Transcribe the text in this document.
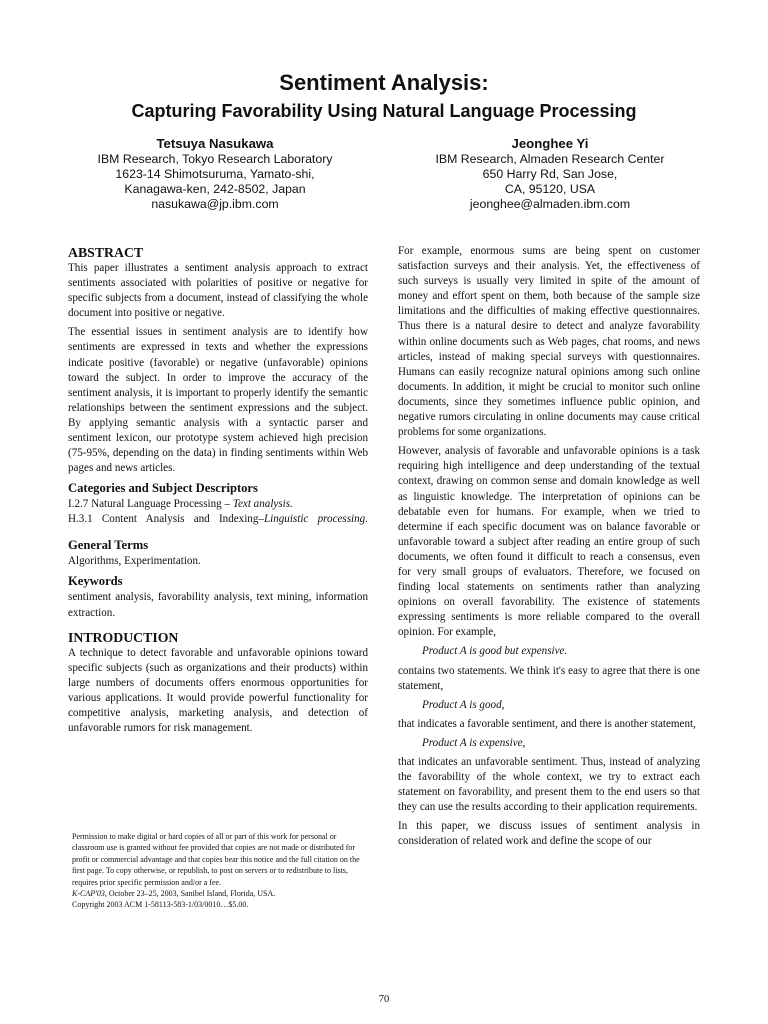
Sentiment Analysis:
Capturing Favorability Using Natural Language Processing
Tetsuya Nasukawa
IBM Research, Tokyo Research Laboratory
1623-14 Shimotsuruma, Yamato-shi,
Kanagawa-ken, 242-8502, Japan
nasukawa@jp.ibm.com
Jeonghee Yi
IBM Research, Almaden Research Center
650 Harry Rd, San Jose,
CA, 95120, USA
jeonghee@almaden.ibm.com
ABSTRACT

This paper illustrates a sentiment analysis approach to extract sentiments associated with polarities of positive or negative for specific subjects from a document, instead of classifying the whole document into positive or negative.

The essential issues in sentiment analysis are to identify how sentiments are expressed in texts and whether the expressions indicate positive (favorable) or negative (unfavorable) opinions toward the subject. In order to improve the accuracy of the sentiment analysis, it is important to properly identify the semantic relationships between the sentiment expressions and the subject. By applying semantic analysis with a syntactic parser and sentiment lexicon, our prototype system achieved high precision (75-95%, depending on the data) in finding sentiments within Web pages and news articles.

Categories and Subject Descriptors
I.2.7 Natural Language Processing – Text analysis.
H.3.1 Content Analysis and Indexing–Linguistic processing.
General Terms

Algorithms, Experimentation.

Keywords

sentiment analysis, favorability analysis, text mining, information extraction.

INTRODUCTION

A technique to detect favorable and unfavorable opinions toward specific subjects (such as organizations and their products) within large numbers of documents offers enormous opportunities for various applications. It would provide powerful functionality for competitive analysis, marketing analysis, and detection of unfavorable rumors for risk management.

Permission to make digital or hard copies of all or part of this work for personal or classroom use is granted without fee provided that copies are not made or distributed for profit or commercial advantage and that copies bear this notice and the full citation on the first page. To copy otherwise, or republish, to post on servers or to redistribute to lists, requires prior specific permission and/or a fee.

K-CAP'03, October 23–25, 2003, Sanibel Island, Florida, USA.

Copyright 2003 ACM 1-58113-583-1/03/0010…$5.00.

For example, enormous sums are being spent on customer satisfaction surveys and their analysis. Yet, the effectiveness of such surveys is usually very limited in spite of the amount of money and effort spent on them, both because of the sample size limitations and the difficulties of making effective questionnaires. Thus there is a natural desire to detect and analyze favorability within online documents such as Web pages, chat rooms, and news articles, instead of making special surveys with questionnaires. Humans can easily recognize natural opinions among such online documents. In addition, it might be crucial to monitor such online documents, since they sometimes influence public opinion, and negative rumors circulating in online documents may cause critical problems for some organizations.

However, analysis of favorable and unfavorable opinions is a task requiring high intelligence and deep understanding of the textual context, drawing on common sense and domain knowledge as well as linguistic knowledge. The interpretation of opinions can be debatable even for humans. For example, when we tried to determine if each specific document was on balance favorable or unfavorable toward a subject after reading an entire group of such documents, we often found it difficult to reach a consensus, even for very small groups of evaluators. Therefore, we focused on finding local statements on sentiments rather than analyzing opinions on overall favorability. The existence of statements expressing sentiments is more reliable compared to the overall opinion. For example,

Product A is good but expensive.

contains two statements. We think it's easy to agree that there is one statement,

Product A is good,

that indicates a favorable sentiment, and there is another statement,

Product A is expensive,

that indicates an unfavorable sentiment. Thus, instead of analyzing the favorability of the whole context, we try to extract each statement on favorability, and present them to the end users so that they can use the results according to their application requirements.

In this paper, we discuss issues of sentiment analysis in consideration of related work and define the scope of our

70
